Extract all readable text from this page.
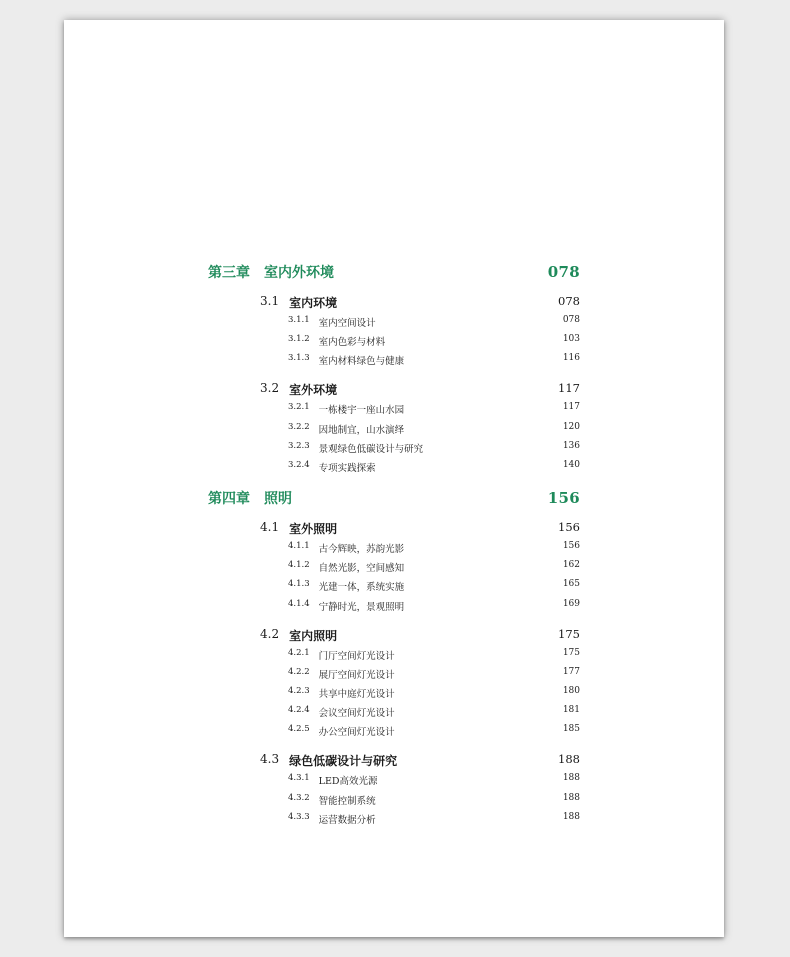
第三章 室内外环境	078
3.1 室内环境	078
3.1.1 室内空间设计	078
3.1.2 室内色彩与材料	103
3.1.3 室内材料绿色与健康	116
3.2 室外环境	117
3.2.1 一栋楼宇一座山水园	117
3.2.2 因地制宜，山水演绎	120
3.2.3 景观绿色低碳设计与研究	136
3.2.4 专项实践探索	140
第四章 照明	156
4.1 室外照明	156
4.1.1 古今辉映，苏韵光影	156
4.1.2 自然光影，空间感知	162
4.1.3 光建一体，系统实施	165
4.1.4 宁静时光，景观照明	169
4.2 室内照明	175
4.2.1 门厅空间灯光设计	175
4.2.2 展厅空间灯光设计	177
4.2.3 共享中庭灯光设计	180
4.2.4 会议空间灯光设计	181
4.2.5 办公空间灯光设计	185
4.3 绿色低碳设计与研究	188
4.3.1 LED高效光源	188
4.3.2 智能控制系统	188
4.3.3 运营数据分析	188
